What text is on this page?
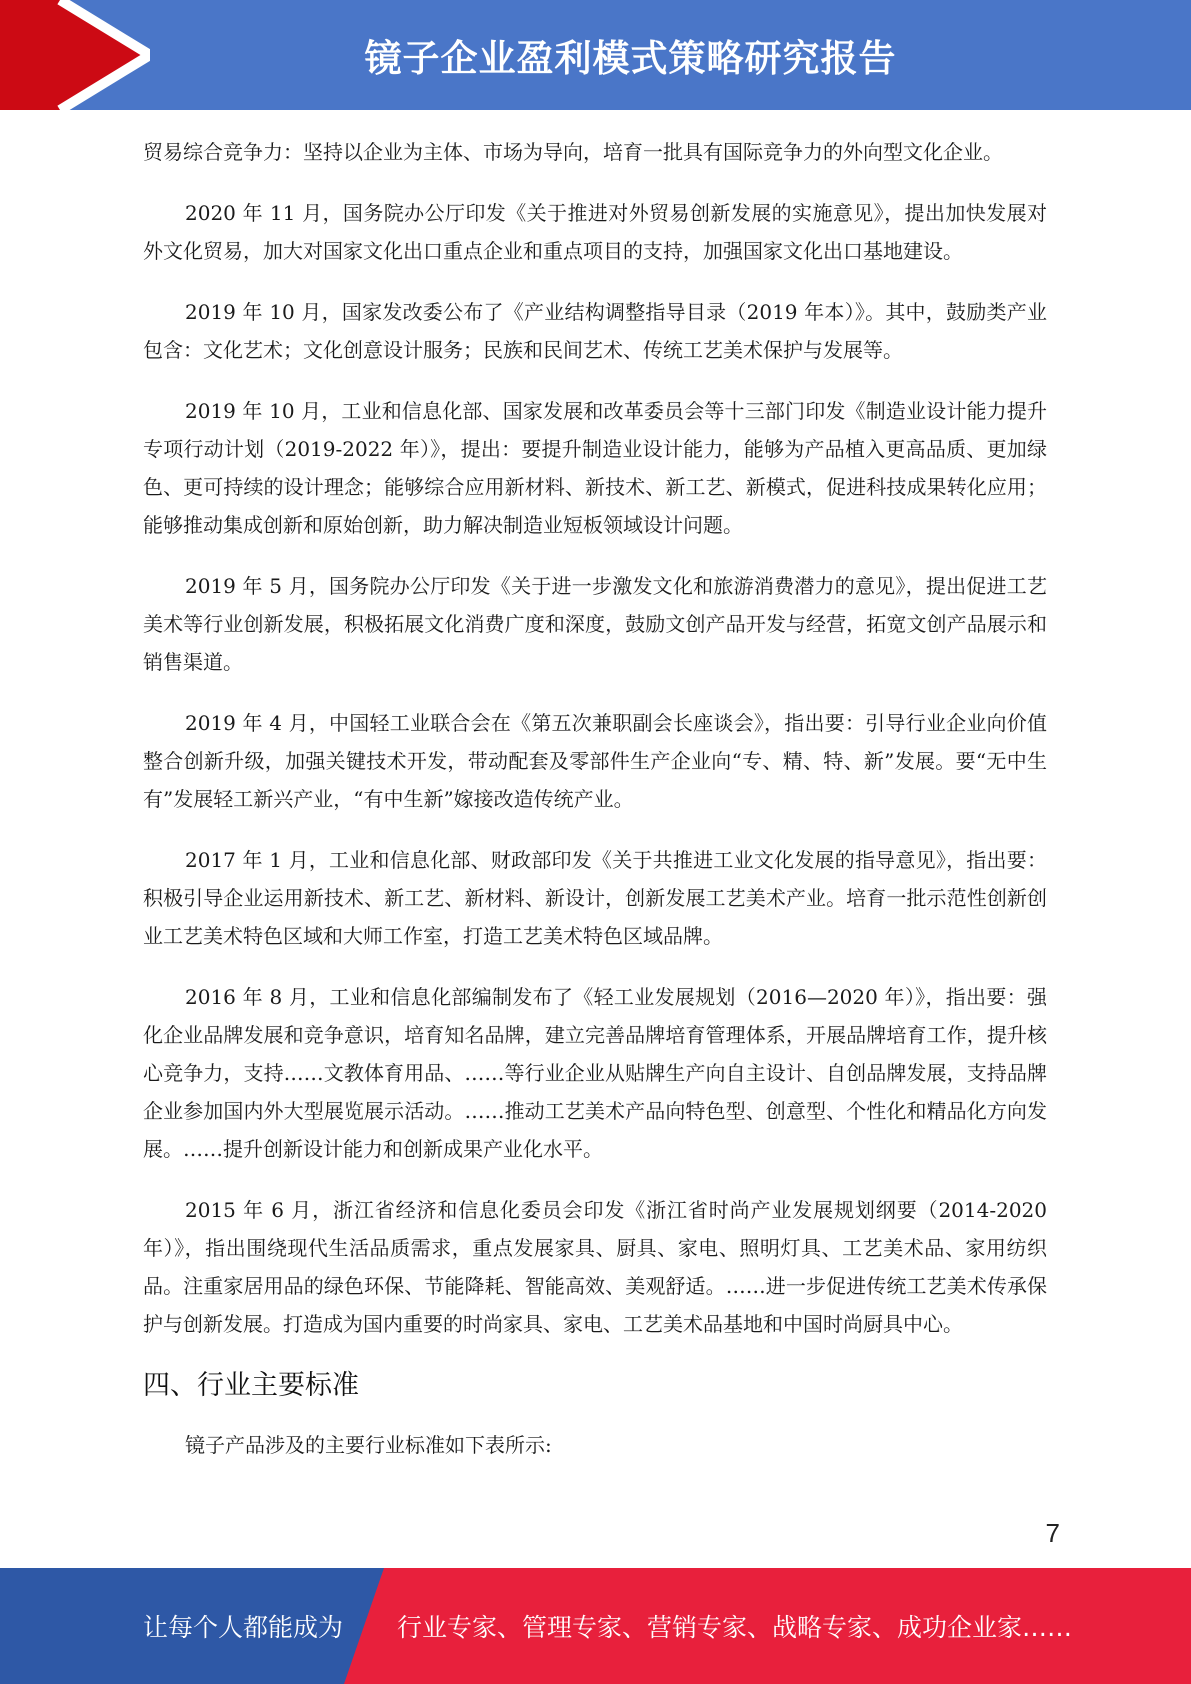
镜子企业盈利模式策略研究报告

贸易综合竞争力：坚持以企业为主体、市场为导向，培育一批具有国际竞争力的外向型文化企业。

2020 年 11 月，国务院办公厅印发《关于推进对外贸易创新发展的实施意见》，提出加快发展对外文化贸易，加大对国家文化出口重点企业和重点项目的支持，加强国家文化出口基地建设。

2019 年 10 月，国家发改委公布了《产业结构调整指导目录（2019 年本）》。其中，鼓励类产业包含：文化艺术；文化创意设计服务；民族和民间艺术、传统工艺美术保护与发展等。

2019 年 10 月，工业和信息化部、国家发展和改革委员会等十三部门印发《制造业设计能力提升专项行动计划（2019-2022 年）》，提出：要提升制造业设计能力，能够为产品植入更高品质、更加绿色、更可持续的设计理念；能够综合应用新材料、新技术、新工艺、新模式，促进科技成果转化应用；能够推动集成创新和原始创新，助力解决制造业短板领域设计问题。

2019 年 5 月，国务院办公厅印发《关于进一步激发文化和旅游消费潜力的意见》，提出促进工艺美术等行业创新发展，积极拓展文化消费广度和深度，鼓励文创产品开发与经营，拓宽文创产品展示和销售渠道。

2019 年 4 月，中国轻工业联合会在《第五次兼职副会长座谈会》，指出要：引导行业企业向价值整合创新升级，加强关键技术开发，带动配套及零部件生产企业向“专、精、特、新”发展。要“无中生有”发展轻工新兴产业，“有中生新”嫁接改造传统产业。

2017 年 1 月，工业和信息化部、财政部印发《关于共推进工业文化发展的指导意见》，指出要：积极引导企业运用新技术、新工艺、新材料、新设计，创新发展工艺美术产业。培育一批示范性创新创业工艺美术特色区域和大师工作室，打造工艺美术特色区域品牌。

2016 年 8 月，工业和信息化部编制发布了《轻工业发展规划（2016—2020 年）》，指出要：强化企业品牌发展和竞争意识，培育知名品牌，建立完善品牌培育管理体系，开展品牌培育工作，提升核心竞争力，支持……文教体育用品、……等行业企业从贴牌生产向自主设计、自创品牌发展，支持品牌企业参加国内外大型展览展示活动。……推动工艺美术产品向特色型、创意型、个性化和精品化方向发展。……提升创新设计能力和创新成果产业化水平。

2015 年 6 月，浙江省经济和信息化委员会印发《浙江省时尚产业发展规划纲要（2014-2020 年）》，指出围绕现代生活品质需求，重点发展家具、厨具、家电、照明灯具、工艺美术品、家用纺织品。注重家居用品的绿色环保、节能降耗、智能高效、美观舒适。……进一步促进传统工艺美术传承保护与创新发展。打造成为国内重要的时尚家具、家电、工艺美术品基地和中国时尚厨具中心。

四、行业主要标准

镜子产品涉及的主要行业标准如下表所示:

7
让每个人都能成为 行业专家、管理专家、营销专家、战略专家、成功企业家……
